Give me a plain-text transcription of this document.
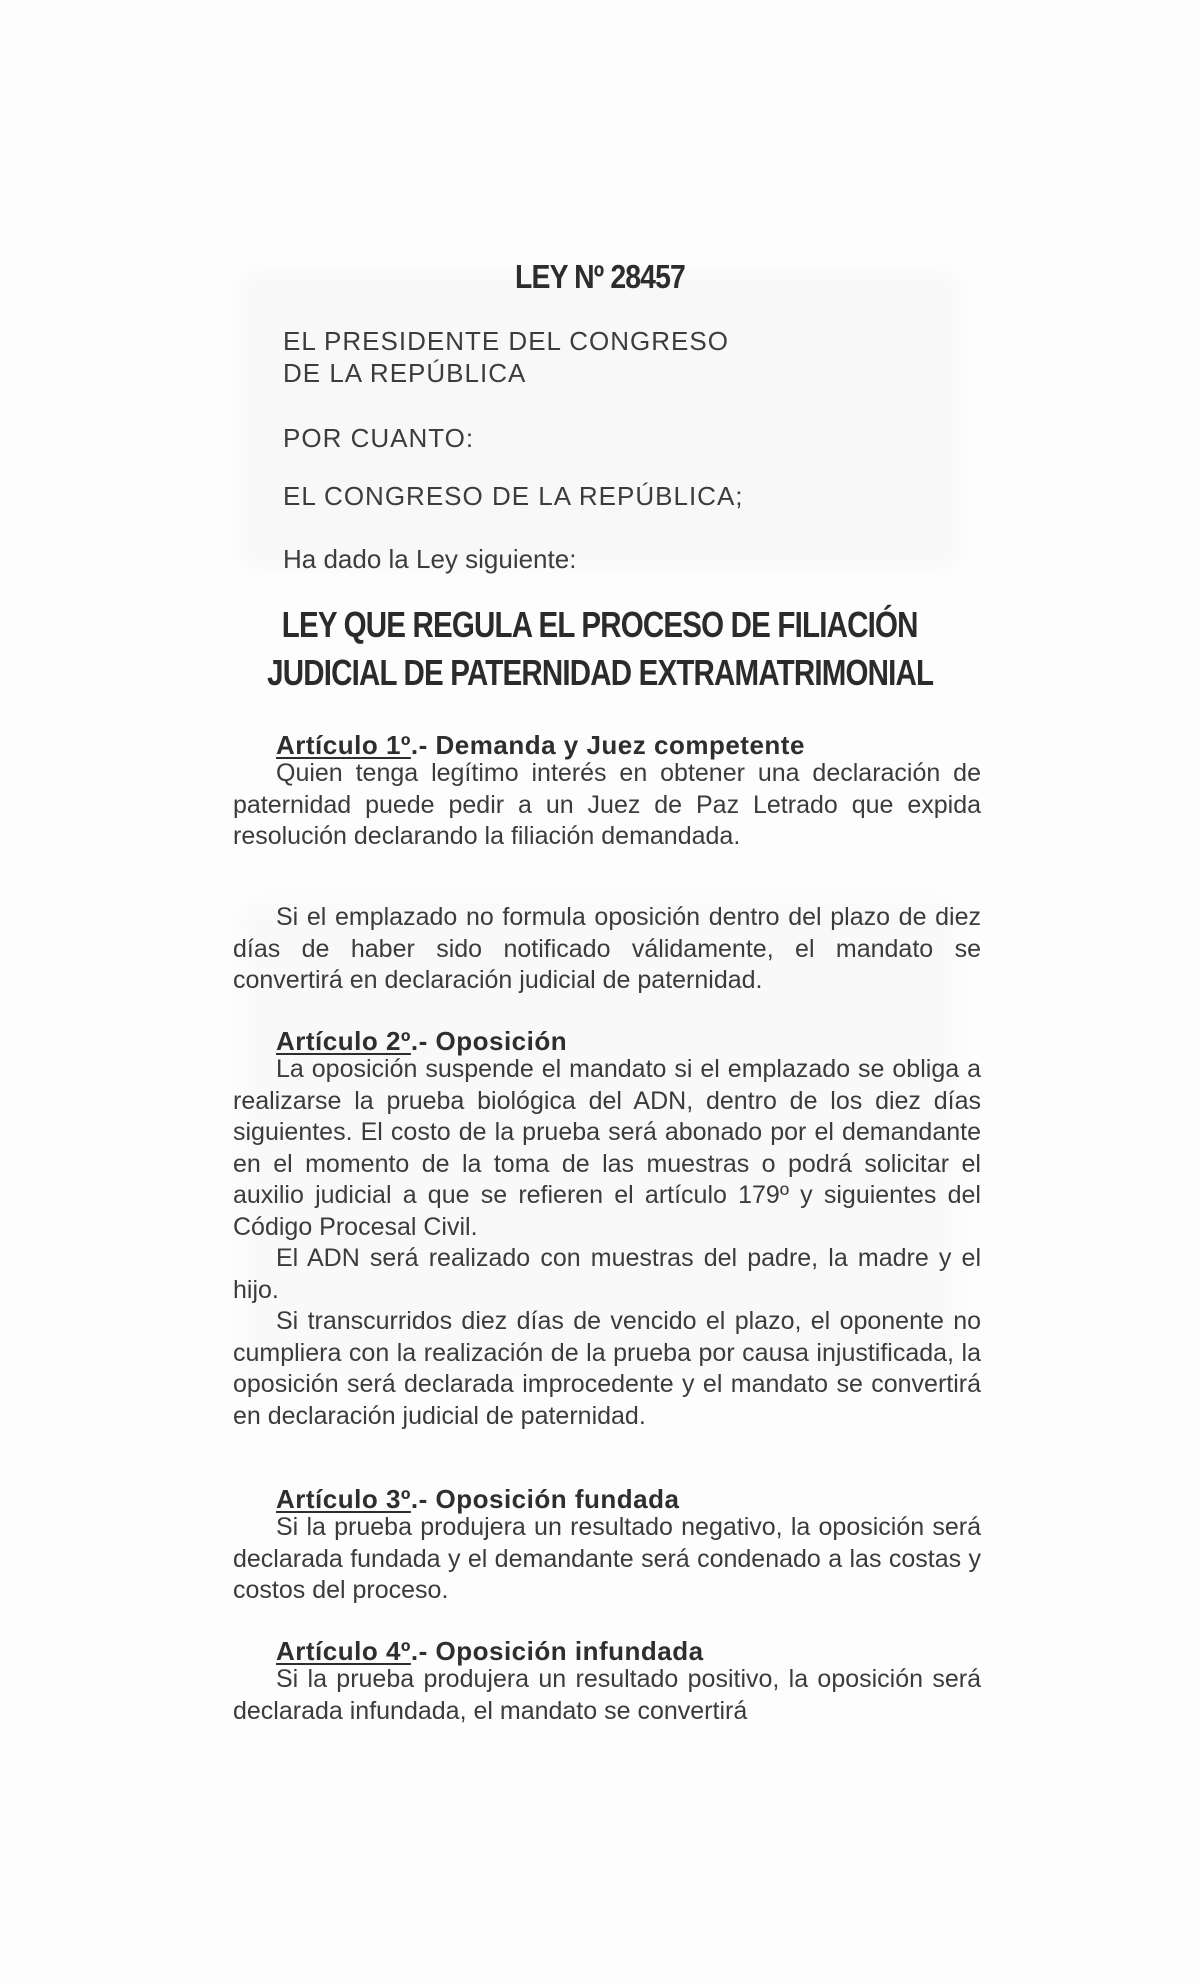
LEY Nº 28457
EL PRESIDENTE DEL CONGRESO
DE LA REPÚBLICA
POR CUANTO:
EL CONGRESO DE LA REPÚBLICA;
Ha dado la Ley siguiente:
LEY QUE REGULA EL PROCESO DE FILIACIÓN
JUDICIAL DE PATERNIDAD EXTRAMATRIMONIAL
Artículo 1º.- Demanda y Juez competente

Quien tenga legítimo interés en obtener una declaración de paternidad puede pedir a un Juez de Paz Letrado que expida resolución declarando la filiación demandada.

Si el emplazado no formula oposición dentro del plazo de diez días de haber sido notificado válidamente, el mandato se convertirá en declaración judicial de paternidad.

Artículo 2º.- Oposición

La oposición suspende el mandato si el emplazado se obliga a realizarse la prueba biológica del ADN, dentro de los diez días siguientes. El costo de la prueba será abonado por el demandante en el momento de la toma de las muestras o podrá solicitar el auxilio judicial a que se refieren el artículo 179º y siguientes del Código Procesal Civil.

El ADN será realizado con muestras del padre, la madre y el hijo.

Si transcurridos diez días de vencido el plazo, el oponente no cumpliera con la realización de la prueba por causa injustificada, la oposición será declarada improcedente y el mandato se convertirá en declaración judicial de paternidad.

Artículo 3º.- Oposición fundada

Si la prueba produjera un resultado negativo, la oposición será declarada fundada y el demandante será condenado a las costas y costos del proceso.

Artículo 4º.- Oposición infundada

Si la prueba produjera un resultado positivo, la oposición será declarada infundada, el mandato se convertirá
